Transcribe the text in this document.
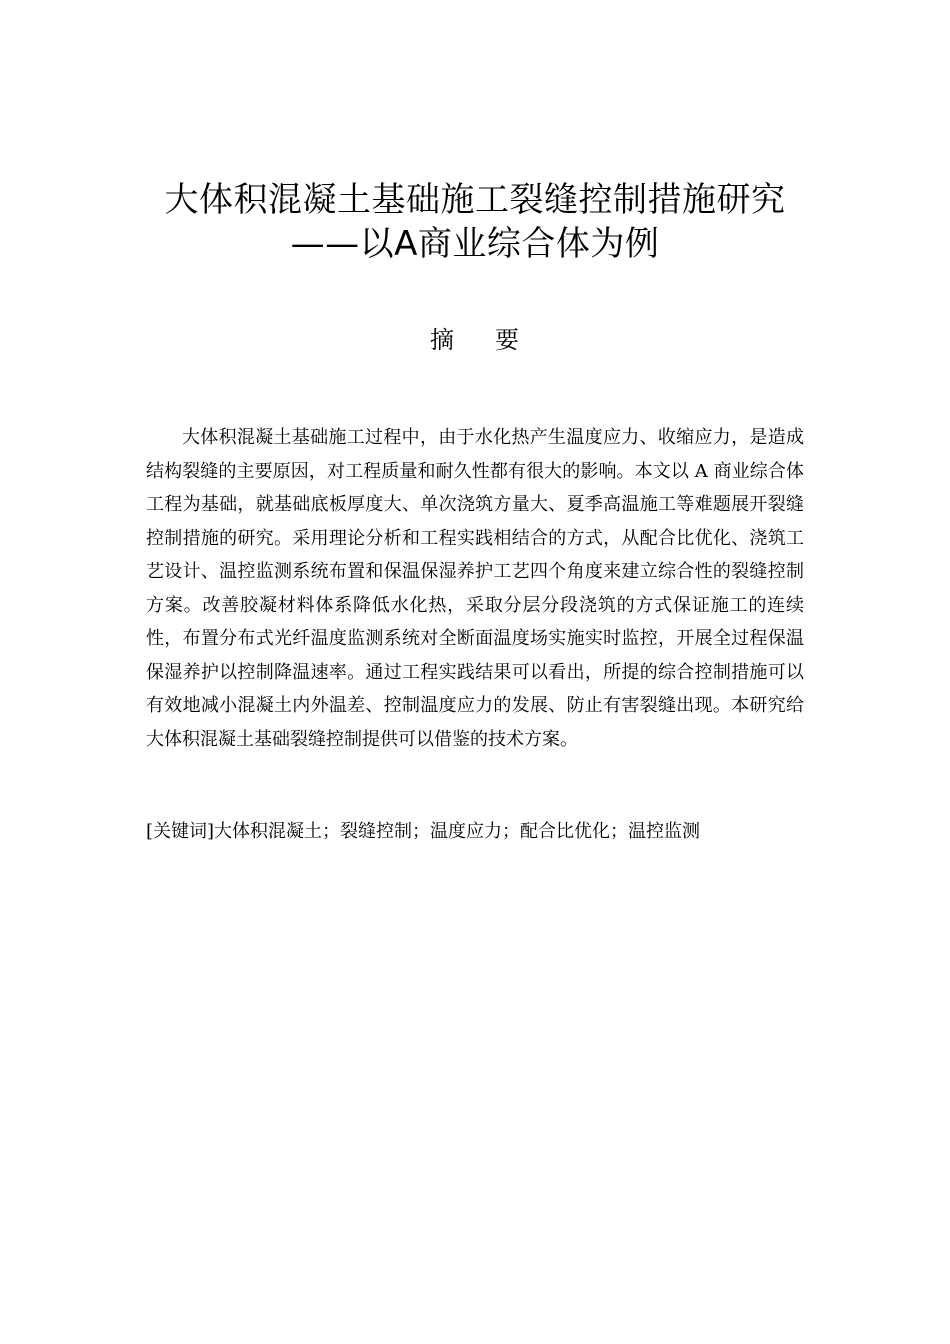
大体积混凝土基础施工裂缝控制措施研究
——以A商业综合体为例
摘 要

大体积混凝土基础施工过程中，由于水化热产生温度应力、收缩应力，是造成结构裂缝的主要原因，对工程质量和耐久性都有很大的影响。本文以 A 商业综合体工程为基础，就基础底板厚度大、单次浇筑方量大、夏季高温施工等难题展开裂缝控制措施的研究。采用理论分析和工程实践相结合的方式，从配合比优化、浇筑工艺设计、温控监测系统布置和保温保湿养护工艺四个角度来建立综合性的裂缝控制方案。改善胶凝材料体系降低水化热，采取分层分段浇筑的方式保证施工的连续性，布置分布式光纤温度监测系统对全断面温度场实施实时监控，开展全过程保温保湿养护以控制降温速率。通过工程实践结果可以看出，所提的综合控制措施可以有效地减小混凝土内外温差、控制温度应力的发展、防止有害裂缝出现。本研究给大体积混凝土基础裂缝控制提供可以借鉴的技术方案。

[关键词]大体积混凝土；裂缝控制；温度应力；配合比优化；温控监测
